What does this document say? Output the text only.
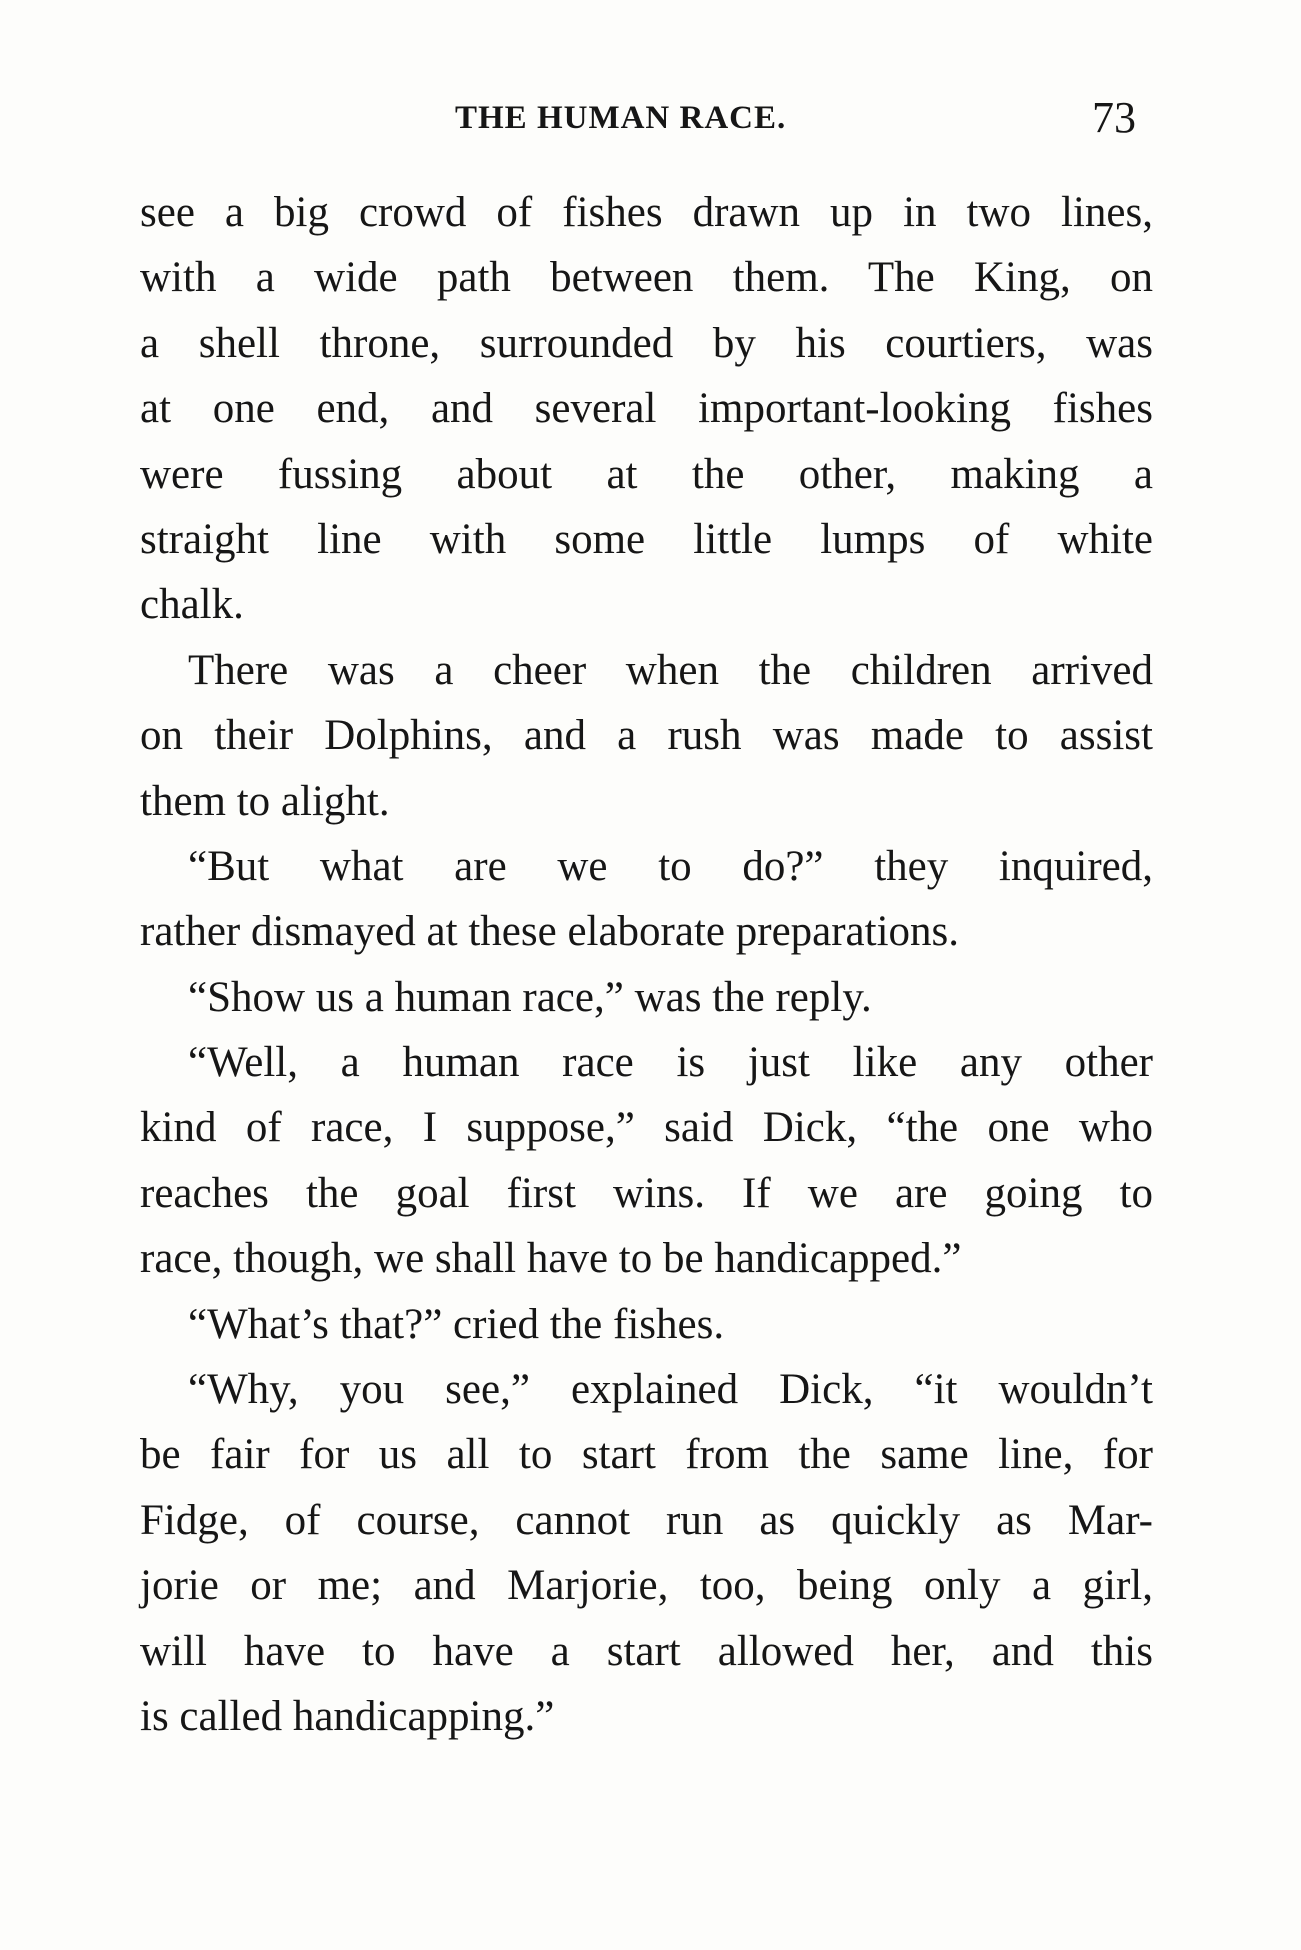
THE HUMAN RACE.	73
see a big crowd of fishes drawn up in two lines,
with a wide path between them. The King, on
a shell throne, surrounded by his courtiers, was
at one end, and several important-looking fishes
were fussing about at the other, making a
straight line with some little lumps of white
chalk.
There was a cheer when the children arrived
on their Dolphins, and a rush was made to assist
them to alight.
“But what are we to do?” they inquired,
rather dismayed at these elaborate preparations.
“Show us a human race,” was the reply.
“Well, a human race is just like any other
kind of race, I suppose,” said Dick, “the one who
reaches the goal first wins. If we are going to
race, though, we shall have to be handicapped.”
“What’s that?” cried the fishes.
“Why, you see,” explained Dick, “it wouldn’t
be fair for us all to start from the same line, for
Fidge, of course, cannot run as quickly as Mar-
jorie or me; and Marjorie, too, being only a girl,
will have to have a start allowed her, and this
is called handicapping.”
